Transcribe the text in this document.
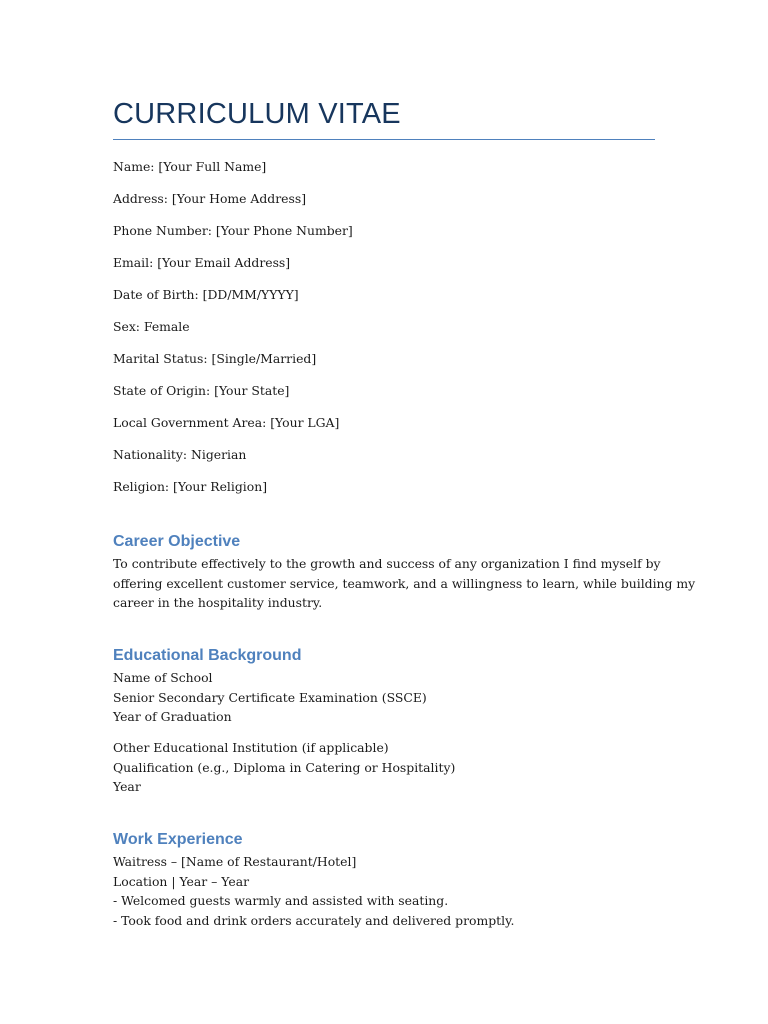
CURRICULUM VITAE

Name: [Your Full Name]

Address: [Your Home Address]

Phone Number: [Your Phone Number]

Email: [Your Email Address]

Date of Birth: [DD/MM/YYYY]

Sex: Female

Marital Status: [Single/Married]

State of Origin: [Your State]

Local Government Area: [Your LGA]

Nationality: Nigerian

Religion: [Your Religion]

Career Objective
To contribute effectively to the growth and success of any organization I find myself by
offering excellent customer service, teamwork, and a willingness to learn, while building my
career in the hospitality industry.
Educational Background
Name of School
Senior Secondary Certificate Examination (SSCE)
Year of Graduation
Other Educational Institution (if applicable)
Qualification (e.g., Diploma in Catering or Hospitality)
Year
Work Experience
Waitress – [Name of Restaurant/Hotel]
Location | Year – Year
- Welcomed guests warmly and assisted with seating.
- Took food and drink orders accurately and delivered promptly.
